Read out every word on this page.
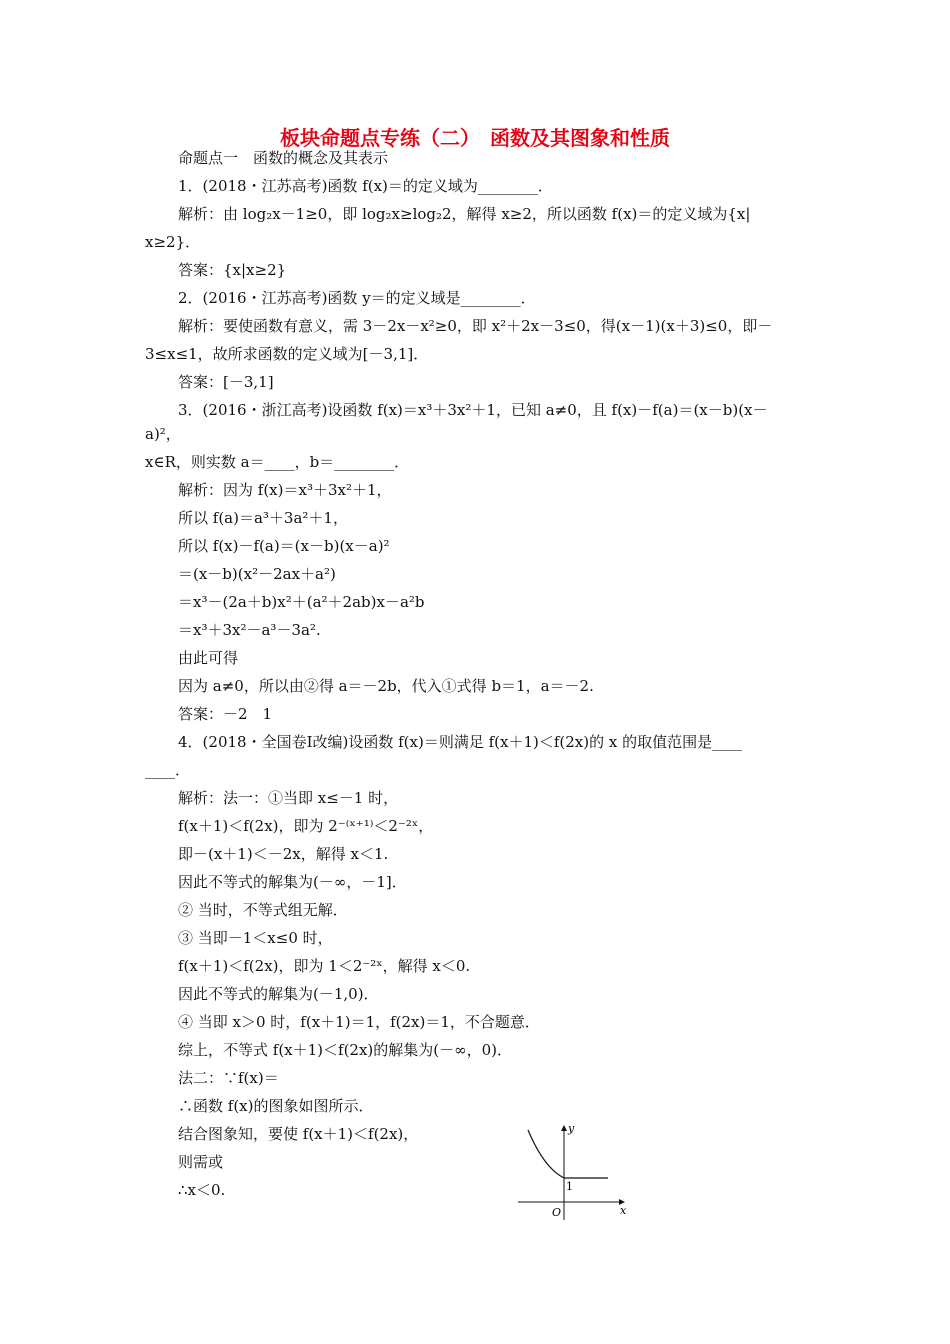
板块命题点专练（二）　函数及其图象和性质
命题点一　函数的概念及其表示
1．(2018・江苏高考)函数 f(x)＝的定义域为________．
解析：由 log₂x－1≥0，即 log₂x≥log₂2，解得 x≥2，所以函数 f(x)＝的定义域为{x|
x≥2}．
答案：{x|x≥2}
2．(2016・江苏高考)函数 y＝的定义域是________．
解析：要使函数有意义，需 3－2x－x²≥0，即 x²＋2x－3≤0，得(x－1)(x＋3)≤0，即－
3≤x≤1，故所求函数的定义域为[－3,1]．
答案：[－3,1]
3．(2016・浙江高考)设函数 f(x)＝x³＋3x²＋1，已知 a≠0，且 f(x)－f(a)＝(x－b)(x－
a)²，
x∈R，则实数 a＝____，b＝________．
解析：因为 f(x)＝x³＋3x²＋1，
所以 f(a)＝a³＋3a²＋1，
所以 f(x)－f(a)＝(x－b)(x－a)²
＝(x－b)(x²－2ax＋a²)
＝x³－(2a＋b)x²＋(a²＋2ab)x－a²b
＝x³＋3x²－a³－3a².
由此可得
因为 a≠0，所以由②得 a＝－2b，代入①式得 b＝1，a＝－2.
答案：－2　1
4．(2018・全国卷Ⅰ改编)设函数 f(x)＝则满足 f(x＋1)＜f(2x)的 x 的取值范围是____
____．
解析：法一：①当即 x≤－1 时，
f(x＋1)＜f(2x)，即为 2⁻⁽ˣ⁺¹⁾＜2⁻²ˣ，
即－(x＋1)＜－2x，解得 x＜1.
因此不等式的解集为(－∞，－1]．
② 当时，不等式组无解．
③ 当即－1＜x≤0 时，
f(x＋1)＜f(2x)，即为 1＜2⁻²ˣ，解得 x＜0.
因此不等式的解集为(－1,0)．
④ 当即 x＞0 时，f(x＋1)＝1，f(2x)＝1，不合题意．
综上，不等式 f(x＋1)＜f(2x)的解集为(－∞，0)．
法二：∵f(x)＝
∴函数 f(x)的图象如图所示．
结合图象知，要使 f(x＋1)＜f(2x)，
则需或
∴x＜0.
y
x
O
1
